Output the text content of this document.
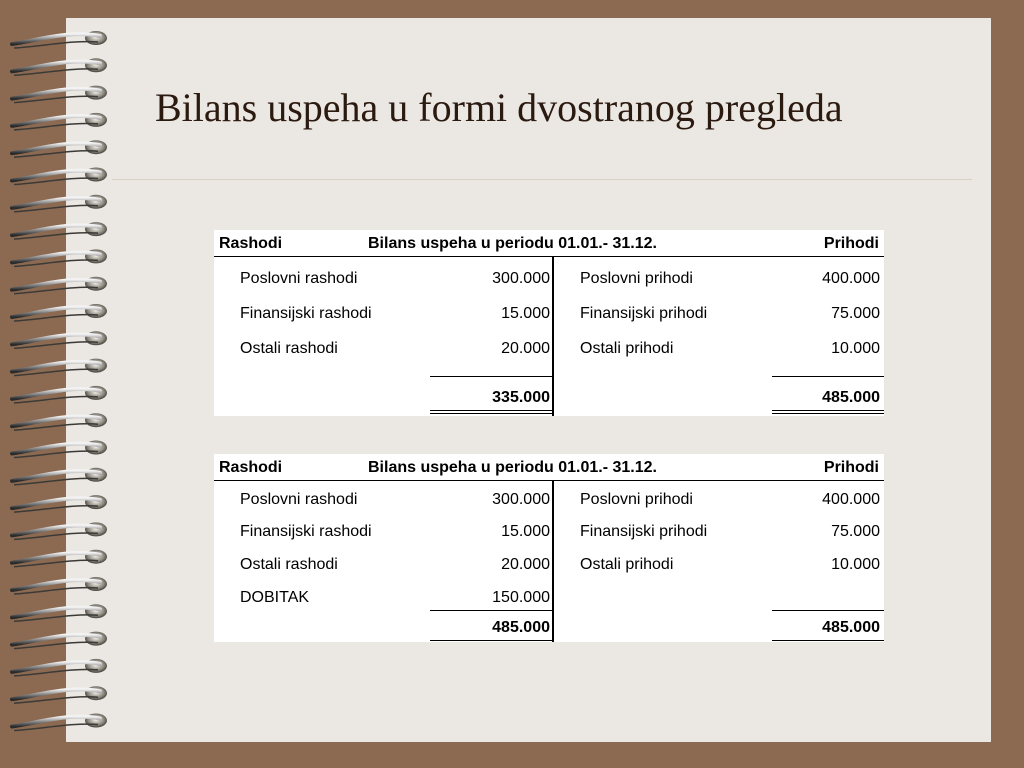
Bilans uspeha u formi dvostranog pregleda
Rashodi	Bilans uspeha u periodu 01.01.- 31.12.	Prihodi
Poslovni rashodi	300.000 Poslovni prihodi	400.000
Finansijski rashodi	15.000 Finansijski prihodi	75.000
Ostali rashodi	20.000 Ostali prihodi	10.000
335.000	485.000
Rashodi	Bilans uspeha u periodu 01.01.- 31.12.	Prihodi
Poslovni rashodi	300.000 Poslovni prihodi	400.000
Finansijski rashodi	15.000 Finansijski prihodi	75.000
Ostali rashodi	20.000 Ostali prihodi	10.000
DOBITAK	150.000
485.000	485.000
